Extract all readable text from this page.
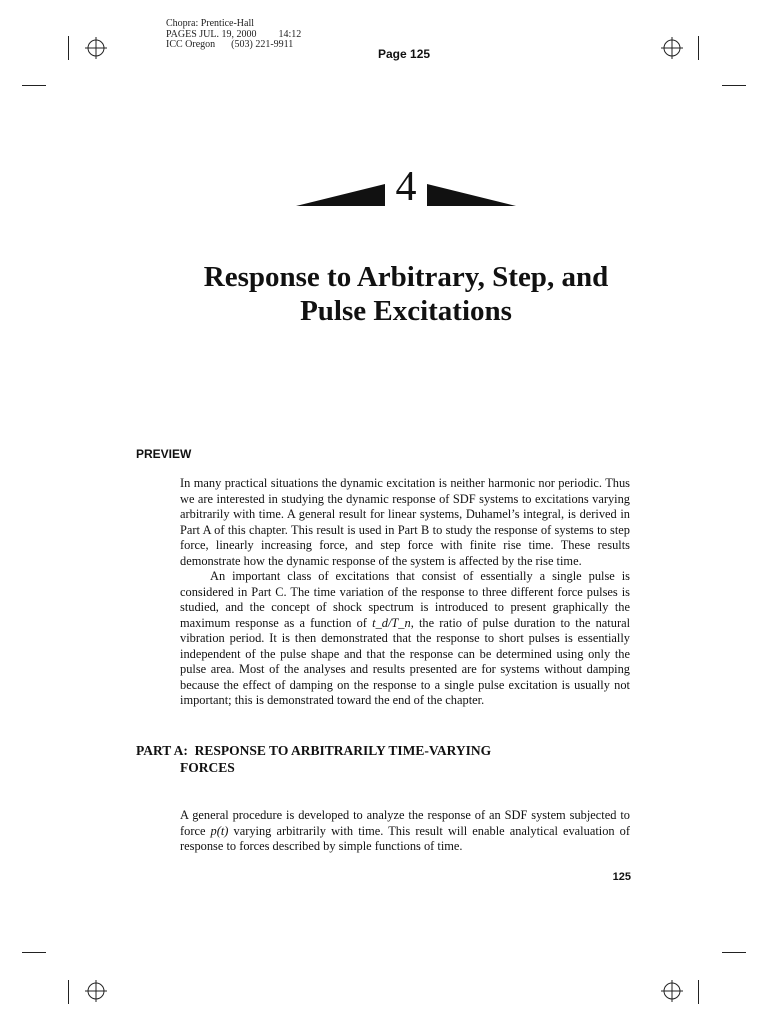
Chopra: Prentice-Hall
PAGES JUL. 19, 2000 14:12
ICC Oregon (503) 221-9911
Page 125
4
Response to Arbitrary, Step, and
Pulse Excitations
PREVIEW

In many practical situations the dynamic excitation is neither harmonic nor periodic. Thus we are interested in studying the dynamic response of SDF systems to excitations varying arbitrarily with time. A general result for linear systems, Duhamel’s integral, is derived in Part A of this chapter. This result is used in Part B to study the response of systems to step force, linearly increasing force, and step force with finite rise time. These results demonstrate how the dynamic response of the system is affected by the rise time.

An important class of excitations that consist of essentially a single pulse is considered in Part C. The time variation of the response to three different force pulses is studied, and the concept of shock spectrum is introduced to present graphically the maximum response as a function of t_d/T_n, the ratio of pulse duration to the natural vibration period. It is then demonstrated that the response to short pulses is essentially independent of the pulse shape and that the response can be determined using only the pulse area. Most of the analyses and results presented are for systems without damping because the effect of damping on the response to a single pulse excitation is usually not important; this is demonstrated toward the end of the chapter.

PART A:  RESPONSE TO ARBITRARILY TIME-VARYING
FORCES

A general procedure is developed to analyze the response of an SDF system subjected to force p(t) varying arbitrarily with time. This result will enable analytical evaluation of response to forces described by simple functions of time.

125
